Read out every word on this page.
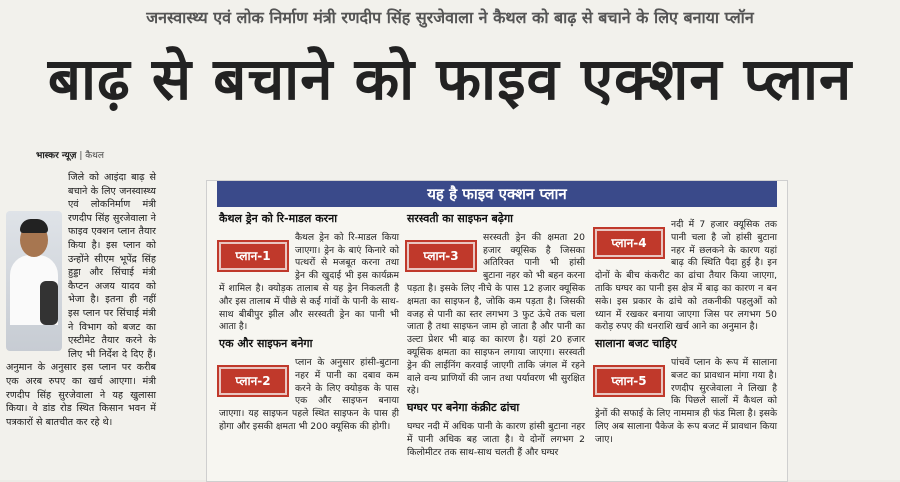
जनस्वास्थ्य एवं लोक निर्माण मंत्री रणदीप सिंह सुरजेवाला ने कैथल को बाढ़ से बचाने के लिए बनाया प्लॉन
बाढ़ से बचाने को फाइव एक्शन प्लान
भास्कर न्यूज़ | कैथल
जिले को आइंदा बाढ़ से बचाने के लिए जनस्वास्थ्य एवं लोकनिर्माण मंत्री रणदीप सिंह सुरजेवाला ने फाइव एक्शन प्लान तैयार किया है। इस प्लान को उन्होंने सीएम भूपेंद्र सिंह हुड्डा और सिंचाई मंत्री कैप्टन अजय यादव को भेजा है। इतना ही नहीं इस प्लान पर सिंचाई मंत्री ने विभाग को बजट का एस्टीमेट तैयार करने के लिए भी निर्देश दे दिए हैं। अनुमान के अनुसार इस प्लान पर करीब एक अरब रुपए का खर्च आएगा। मंत्री रणदीप सिंह सुरजेवाला ने यह खुलासा किया। वे डांड रोड स्थित किसान भवन में पत्रकारों से बातचीत कर रहे थे।
यह है फाइव एक्शन प्लान
कैथल ड्रेन को रि-माडल करना
प्लान-1

कैथल ड्रेन को रि-माडल किया जाएगा। ड्रेन के बाएं किनारे को पत्थरों से मजबूत करना तथा ड्रेन की खुदाई भी इस कार्यक्रम में शामिल है। क्योड़क तालाब से यह ड्रेन निकलती है और इस तालाब में पीछे से कई गांवों के पानी के साथ-साथ बीबीपुर झील और सरस्वती ड्रेन का पानी भी आता है।

एक और साइफन बनेगा
प्लान-2

प्लान के अनुसार हांसी-बुटाना नहर में पानी का दबाव कम करने के लिए क्योड़क के पास एक और साइफन बनाया जाएगा। यह साइफन पहले स्थित साइफन के पास ही होगा और इसकी क्षमता भी 200 क्यूसिक की होगी।

सरस्वती का साइफन बढ़ेगा
प्लान-3

सरस्वती ड्रेन की क्षमता 20 हजार क्यूसिक है जिसका अतिरिक्त पानी भी हांसी बुटाना नहर को भी बहन करना पड़ता है। इसके लिए नीचे के पास 12 हजार क्यूसिक क्षमता का साइफन है, जोकि कम पड़ता है। जिसकी वजह से पानी का स्तर लगभग 3 फुट ऊंचे तक चला जाता है तथा साइफन जाम हो जाता है और पानी का उल्टा प्रेशर भी बाढ़ का कारण है। यहां 20 हजार क्यूसिक क्षमता का साइफन लगाया जाएगा। सरस्वती ड्रेन की लाईनिंग करवाई जाएगी ताकि जंगल में रहने वाले वन्य प्राणियों की जान तथा पर्यावरण भी सुरक्षित रहे।

घग्घर पर बनेगा कंक्रीट ढांचा

घग्घर नदी में अधिक पानी के कारण हांसी बुटाना नहर में पानी अधिक बह जाता है। ये दोनों लगभग 2 किलोमीटर तक साथ-साथ चलती हैं और घग्घर

प्लान-4

नदी में 7 हजार क्यूसिक तक पानी चला है जो हांसी बुटाना नहर में छलकने के कारण यहां बाढ़ की स्थिति पैदा हुई है। इन दोनों के बीच कंकरीट का ढांचा तैयार किया जाएगा, ताकि घग्घर का पानी इस क्षेत्र में बाढ़ का कारण न बन सके। इस प्रकार के ढांचे को तकनीकी पहलुओं को ध्यान में रखकर बनाया जाएगा जिस पर लगभग 50 करोड़ रुपए की धनराशि खर्च आने का अनुमान है।

सालाना बजट चाहिए
प्लान-5

पांचवें प्लान के रूप में सालाना बजट का प्रावधान मांगा गया है। रणदीप सुरजेवाला ने लिखा है कि पिछले सालों में कैथल को ड्रेनों की सफाई के लिए नाममात्र ही फंड मिला है। इसके लिए अब सालाना पैकेज के रूप बजट में प्रावधान किया जाए।
